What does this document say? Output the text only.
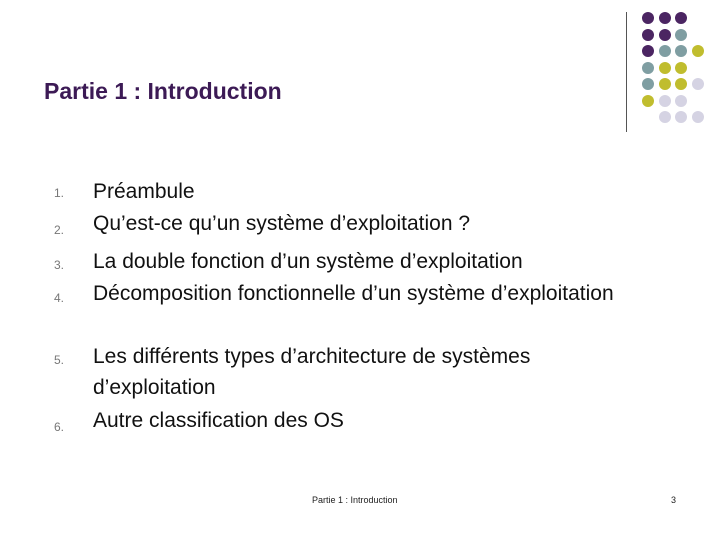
Partie 1 : Introduction
1. Préambule
2. Qu’est-ce qu’un système d’exploitation ?
3. La double fonction d’un système d’exploitation
4. Décomposition fonctionnelle d’un système d’exploitation
5. Les différents types d’architecture de systèmes d’exploitation
6. Autre classification des OS
Partie 1 : Introduction	3
